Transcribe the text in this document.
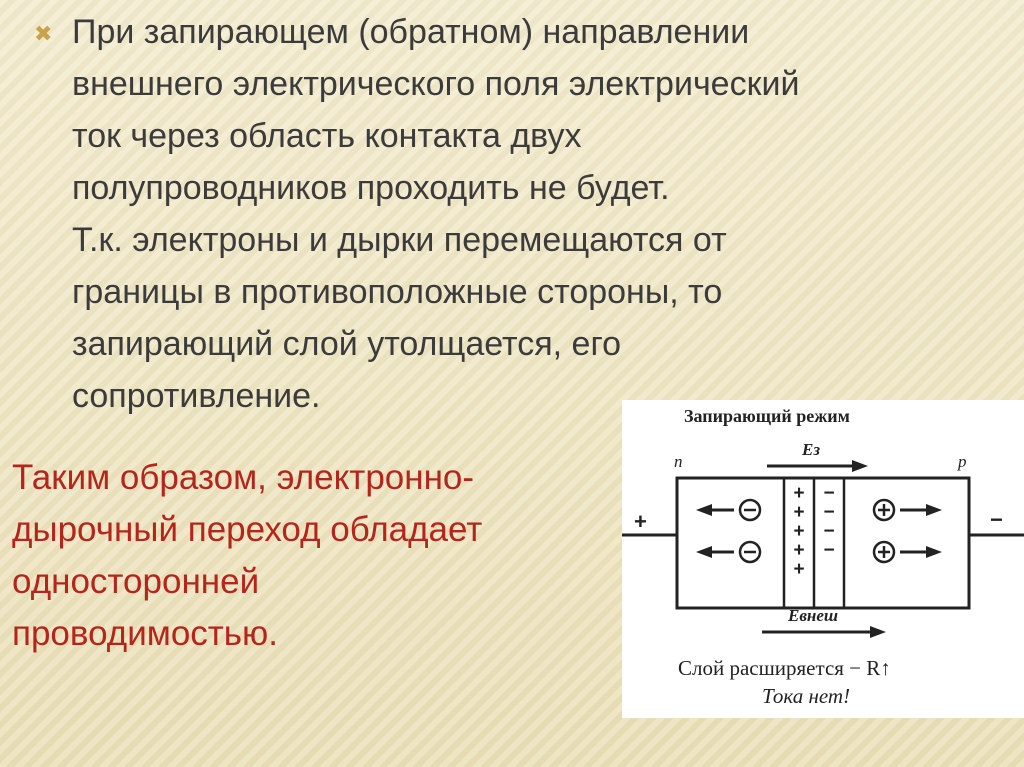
✖ При запирающем (обратном) направлении
внешнего электрического поля электрический
ток через область контакта двух
полупроводников проходить не будет.
Т.к. электроны и дырки перемещаются от
границы в противоположные стороны, то
запирающий слой утолщается, его
сопротивление.

Таким образом, электронно-
дырочный переход обладает
односторонней
проводимостью.

Запирающий режим
n	p
Eз
Eвнеш
+	−
+
+
+
+
+
−
−
−
−
Слой расширяется − R↑
Тока нет!
